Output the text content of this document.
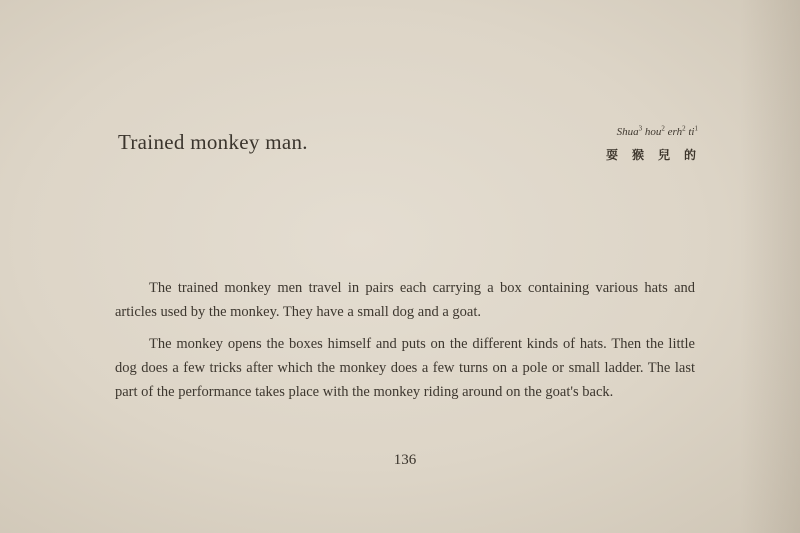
Trained monkey man.	Shua$^3$ hou$^2$ erh$^2$ $ti^1$
耍 猴 兒 的

The trained monkey men travel in pairs each carrying a box containing various hats and articles used by the monkey. They have a small dog and a goat.

The monkey opens the boxes himself and puts on the different kinds of hats. Then the little dog does a few tricks after which the monkey does a few turns on a pole or small ladder. The last part of the performance takes place with the monkey riding around on the goat's back.

136
